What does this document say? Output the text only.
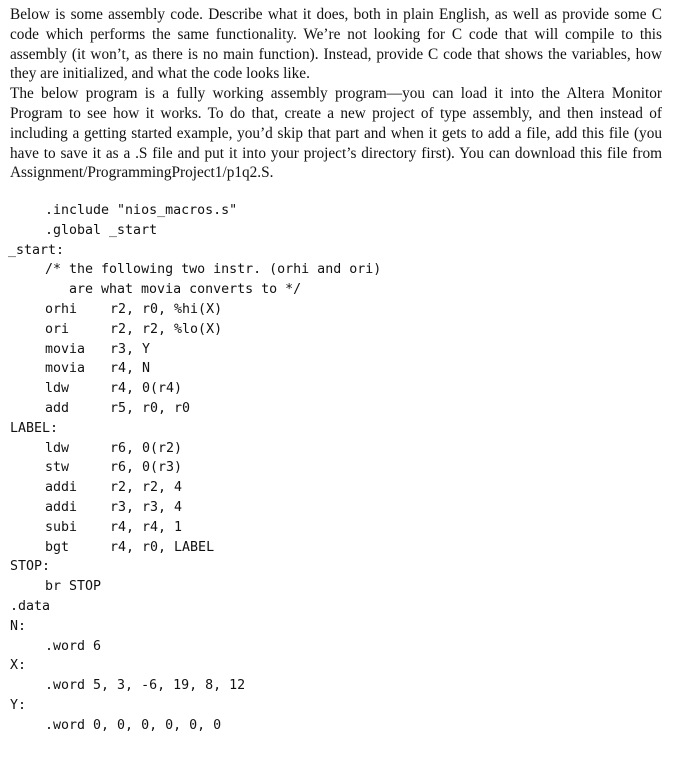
Below is some assembly code. Describe what it does, both in plain English, as well as provide some C code which performs the same functionality. We’re not looking for C code that will compile to this assembly (it won’t, as there is no main function). Instead, provide C code that shows the variables, how they are initialized, and what the code looks like.

The below program is a fully working assembly program—you can load it into the Altera Monitor Program to see how it works. To do that, create a new project of type assembly, and then instead of including a getting started example, you’d skip that part and when it gets to add a file, add this file (you have to save it as a .S file and put it into your project’s directory first). You can download this file from Assignment/ProgrammingProject1/p1q2.S.

.include "nios_macros.s"

.global _start

_start:

/* the following two instr. (orhi and ori)

are what movia converts to */

orhi

r2, r0, %hi(X)

ori

	r2, r2, %lo(X)

movia

r3, Y

movia

r4, N

ldw

	r4, 0(r4)

add

	r5, r0, r0

LABEL:

ldw

	r6, 0(r2)

stw

	r6, 0(r3)

addi

r2, r2, 4

addi

r3, r3, 4

subi

r4, r4, 1

bgt

	r4, r0, LABEL

STOP:

br STOP

.data

N:

.word 6

X:

.word 5, 3, -6, 19, 8, 12

Y:

.word 0, 0, 0, 0, 0, 0
